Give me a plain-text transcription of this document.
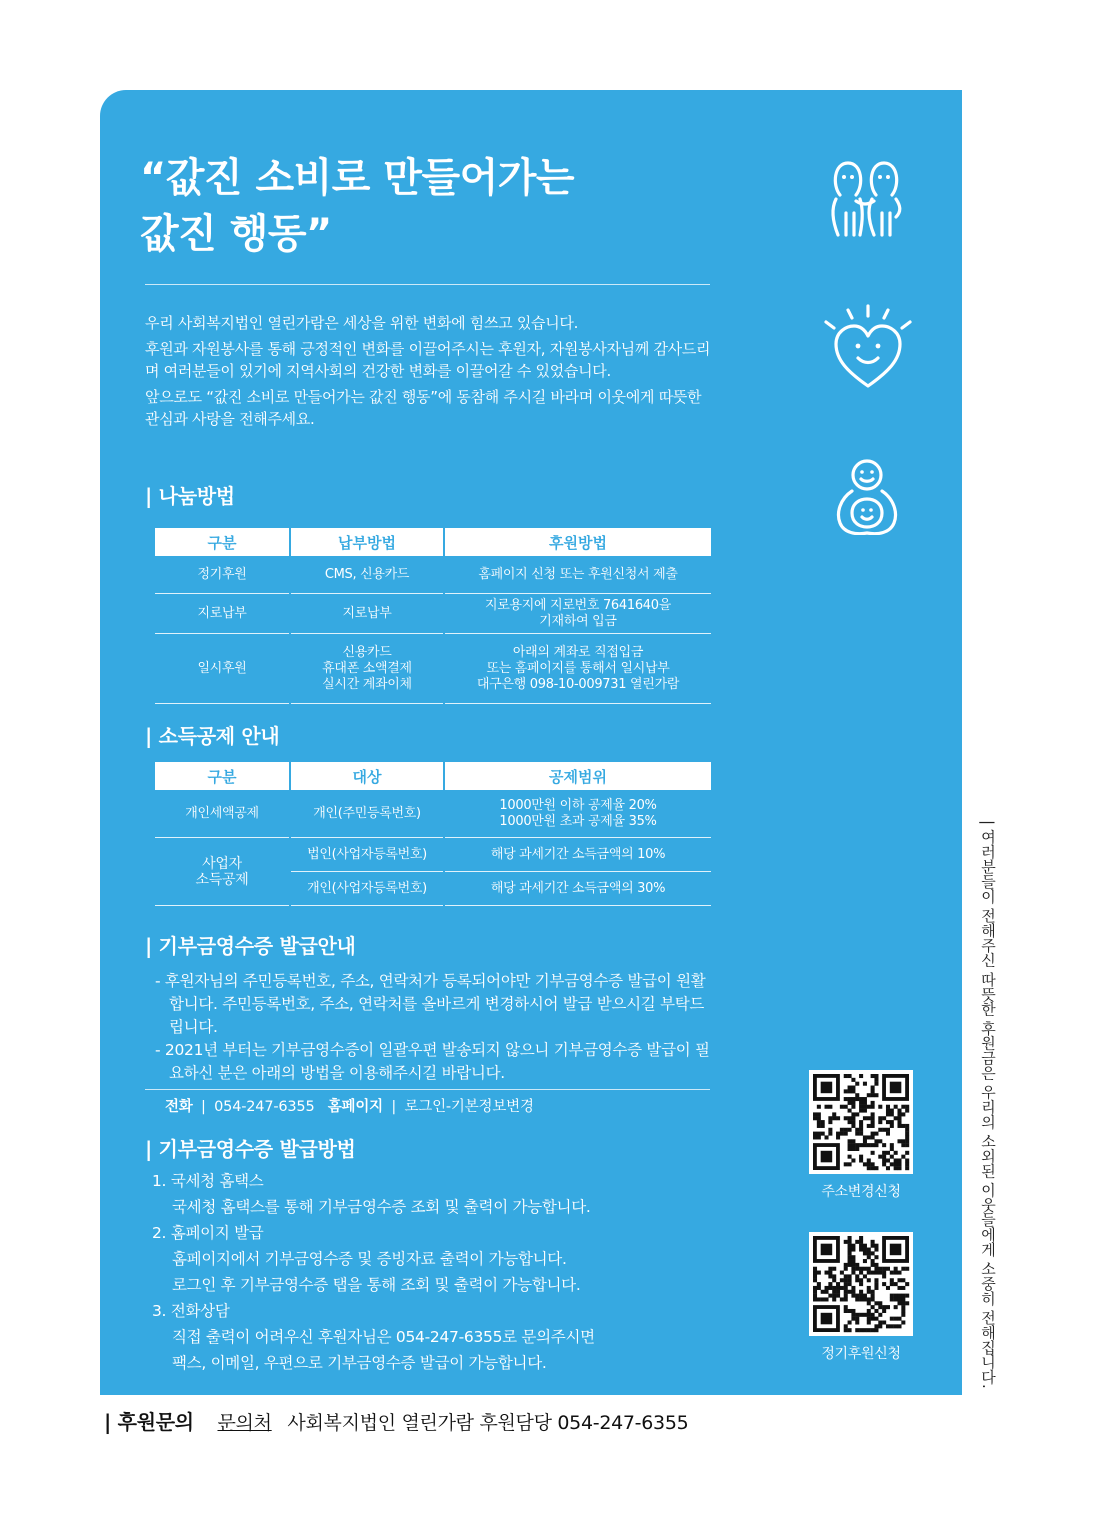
“값진 소비로 만들어가는
값진 행동”

우리 사회복지법인 열린가람은 세상을 위한 변화에 힘쓰고 있습니다.

후원과 자원봉사를 통해 긍정적인 변화를 이끌어주시는 후원자, 자원봉사자님께 감사드리며 여러분들이 있기에 지역사회의 건강한 변화를 이끌어갈 수 있었습니다.

앞으로도 “값진 소비로 만들어가는 값진 행동”에 동참해 주시길 바라며 이웃에게 따뜻한 관심과 사랑을 전해주세요.

| 나눔방법
구분	납부방법	후원방법
정기후원	CMS, 신용카드	홈페이지 신청 또는 후원신청서 제출
지로납부	지로납부	지로용지에 지로번호 7641640을
기재하여 입금
일시후원	신용카드
휴대폰 소액결제
실시간 계좌이체	아래의 계좌로 직접입금
또는 홈페이지를 통해서 일시납부
대구은행 098-10-009731 열린가람
| 소득공제 안내
구분	대상	공제범위
개인세액공제	개인(주민등록번호)	1000만원 이하 공제율 20%
1000만원 초과 공제율 35%
사업자
소득공제	법인(사업자등록번호)	해당 과세기간 소득금액의 10%
	개인(사업자등록번호)	해당 과세기간 소득금액의 30%
| 기부금영수증 발급안내
- 후원자님의 주민등록번호, 주소, 연락처가 등록되어야만 기부금영수증 발급이 원활합니다. 주민등록번호, 주소, 연락처를 올바르게 변경하시어 발급 받으시길 부탁드립니다.
- 2021년 부터는 기부금영수증이 일괄우편 발송되지 않으니 기부금영수증 발급이 필요하신 분은 아래의 방법을 이용해주시길 바랍니다.
전화 | 054-247-6355 홈페이지 | 로그인-기본정보변경
| 기부금영수증 발급방법
1. 국세청 홈택스
국세청 홈택스를 통해 기부금영수증 조회 및 출력이 가능합니다.
2. 홈페이지 발급
홈페이지에서 기부금영수증 및 증빙자료 출력이 가능합니다.
로그인 후 기부금영수증 탭을 통해 조회 및 출력이 가능합니다.
3. 전화상담
직접 출력이 어려우신 후원자님은 054-247-6355로 문의주시면
팩스, 이메일, 우편으로 기부금영수증 발급이 가능합니다.
주소변경신청
정기후원신청	| 여러분들이 전해주신 따뜻한 후원금은 우리의 소외된 이웃들에게 소중히 전해집니다.
| 후원문의 문의처 사회복지법인 열린가람 후원담당 054-247-6355
